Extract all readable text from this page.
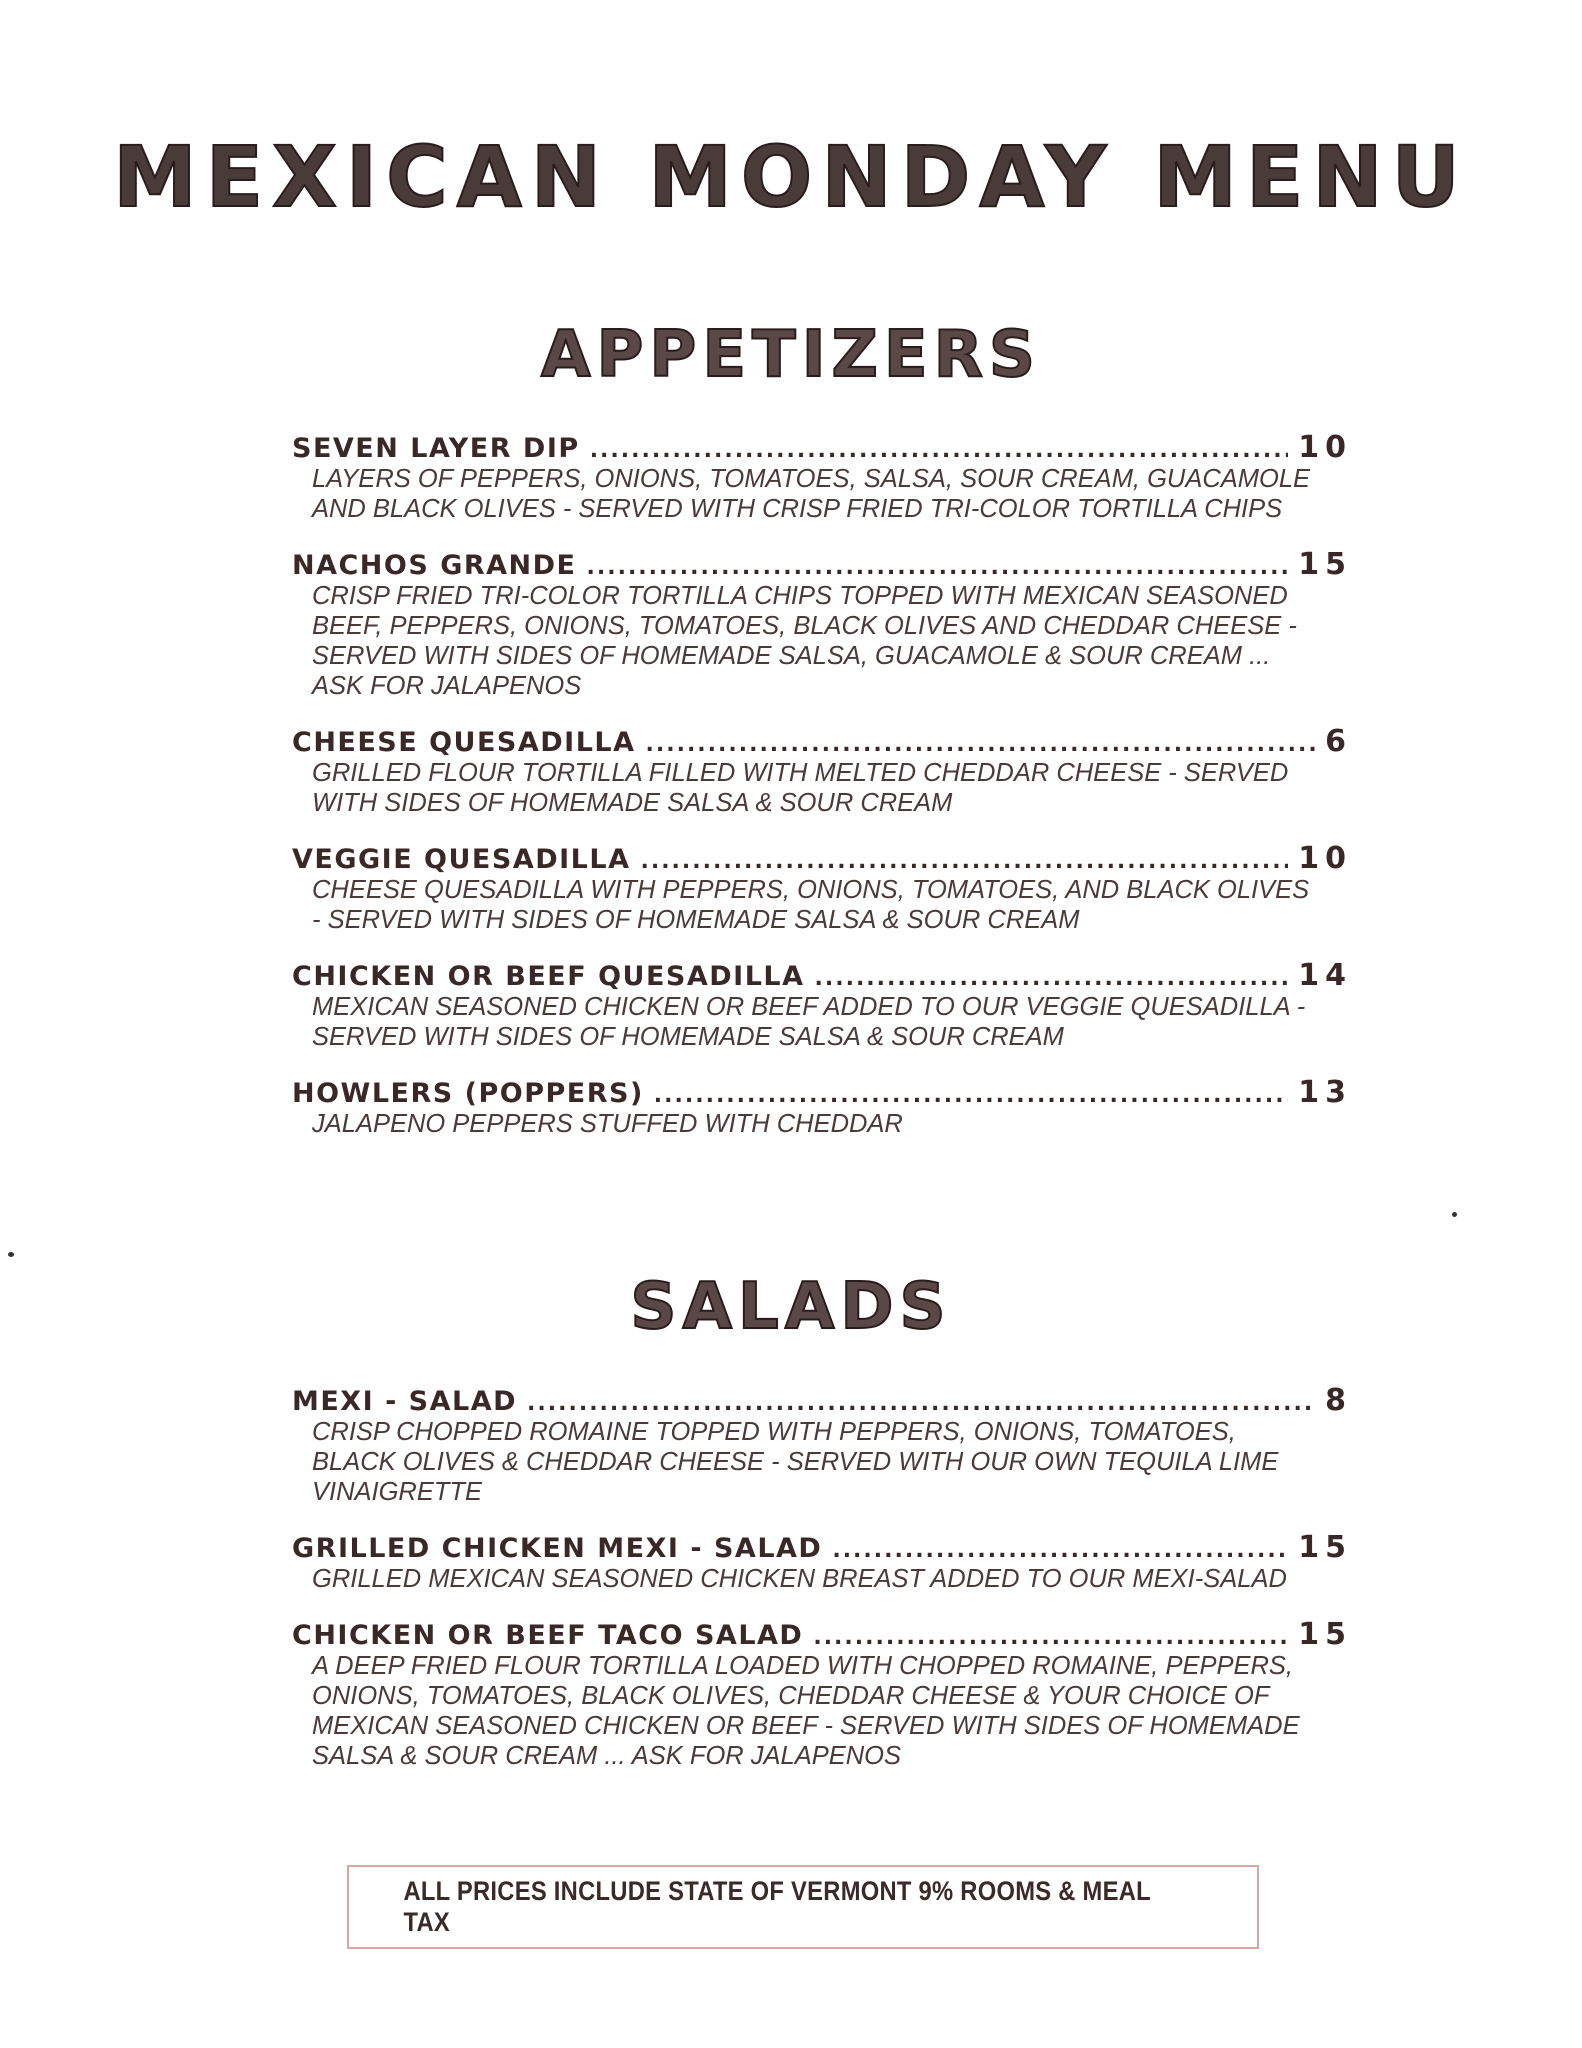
MEXICAN MONDAY MENU
APPETIZERS
SEVEN LAYER DIP .....	10
LAYERS OF PEPPERS, ONIONS, TOMATOES, SALSA, SOUR CREAM, GUACAMOLE AND BLACK OLIVES - SERVED WITH CRISP FRIED TRI-COLOR TORTILLA CHIPS
NACHOS GRANDE .....	15
CRISP FRIED TRI-COLOR TORTILLA CHIPS TOPPED WITH MEXICAN SEASONED BEEF, PEPPERS, ONIONS, TOMATOES, BLACK OLIVES AND CHEDDAR CHEESE - SERVED WITH SIDES OF HOMEMADE SALSA, GUACAMOLE & SOUR CREAM ... ASK FOR JALAPENOS
CHEESE QUESADILLA .....	6
GRILLED FLOUR TORTILLA FILLED WITH MELTED CHEDDAR CHEESE - SERVED WITH SIDES OF HOMEMADE SALSA & SOUR CREAM
VEGGIE QUESADILLA .....	10
CHEESE QUESADILLA WITH PEPPERS, ONIONS, TOMATOES, AND BLACK OLIVES - SERVED WITH SIDES OF HOMEMADE SALSA & SOUR CREAM
CHICKEN OR BEEF QUESADILLA .....	14
MEXICAN SEASONED CHICKEN OR BEEF ADDED TO OUR VEGGIE QUESADILLA - SERVED WITH SIDES OF HOMEMADE SALSA & SOUR CREAM
HOWLERS (POPPERS) .....	13
JALAPENO PEPPERS STUFFED WITH CHEDDAR
SALADS
MEXI - SALAD .....	8
CRISP CHOPPED ROMAINE TOPPED WITH PEPPERS, ONIONS, TOMATOES, BLACK OLIVES & CHEDDAR CHEESE - SERVED WITH OUR OWN TEQUILA LIME VINAIGRETTE
GRILLED CHICKEN MEXI - SALAD .....	15
GRILLED MEXICAN SEASONED CHICKEN BREAST ADDED TO OUR MEXI-SALAD
CHICKEN OR BEEF TACO SALAD .....	15
A DEEP FRIED FLOUR TORTILLA LOADED WITH CHOPPED ROMAINE, PEPPERS, ONIONS, TOMATOES, BLACK OLIVES, CHEDDAR CHEESE & YOUR CHOICE OF MEXICAN SEASONED CHICKEN OR BEEF - SERVED WITH SIDES OF HOMEMADE SALSA & SOUR CREAM ... ASK FOR JALAPENOS
ALL PRICES INCLUDE STATE OF VERMONT 9% ROOMS & MEAL TAX
